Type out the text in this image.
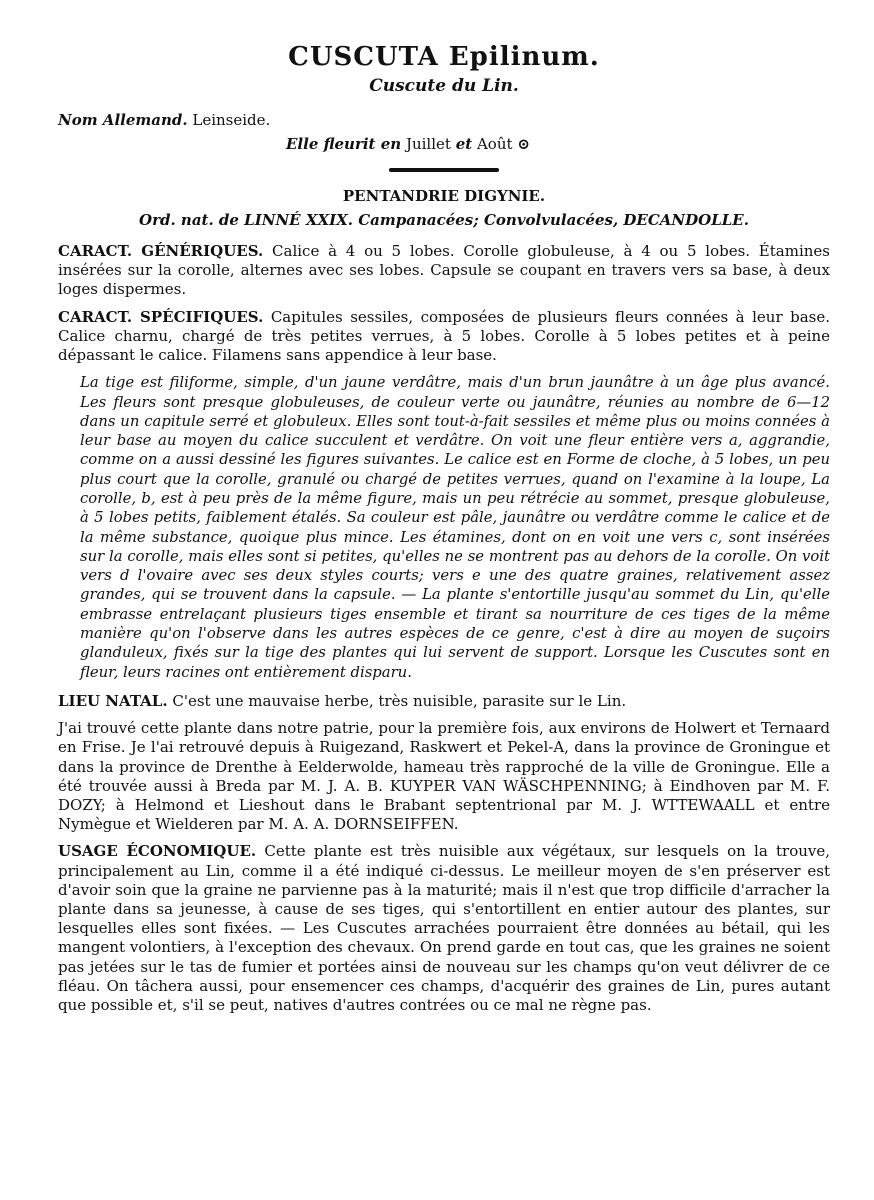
CUSCUTA Epilinum.
Cuscute du Lin.
Nom Allemand. Leinseide.
Elle fleurit en Juillet et Août ⊙
PENTANDRIE DIGYNIE.
Ord. nat. de LINNÉ XXIX. Campanacées; Convolvulacées, DECANDOLLE.

CARACT. GÉNÉRIQUES. Calice à 4 ou 5 lobes. Corolle globuleuse, à 4 ou 5 lobes. Étamines insérées sur la corolle, alternes avec ses lobes. Capsule se coupant en travers vers sa base, à deux loges dispermes.

CARACT. SPÉCIFIQUES. Capitules sessiles, composées de plusieurs fleurs connées à leur base. Calice charnu, chargé de très petites verrues, à 5 lobes. Corolle à 5 lobes petites et à peine dépassant le calice. Filamens sans appendice à leur base.

La tige est filiforme, simple, d'un jaune verdâtre, mais d'un brun jaunâtre à un âge plus avancé. Les fleurs sont presque globuleuses, de couleur verte ou jaunâtre, réunies au nombre de 6—12 dans un capitule serré et globuleux. Elles sont tout-à-fait sessiles et même plus ou moins connées à leur base au moyen du calice succulent et verdâtre. On voit une fleur entière vers a, aggrandie, comme on a aussi dessiné les figures suivantes. Le calice est en Forme de cloche, à 5 lobes, un peu plus court que la corolle, granulé ou chargé de petites verrues, quand on l'examine à la loupe, La corolle, b, est à peu près de la même figure, mais un peu rétrécie au sommet, presque globuleuse, à 5 lobes petits, faiblement étalés. Sa couleur est pâle, jaunâtre ou verdâtre comme le calice et de la même substance, quoique plus mince. Les étamines, dont on en voit une vers c, sont insérées sur la corolle, mais elles sont si petites, qu'elles ne se montrent pas au dehors de la corolle. On voit vers d l'ovaire avec ses deux styles courts; vers e une des quatre graines, relativement assez grandes, qui se trouvent dans la capsule. — La plante s'entortille jusqu'au sommet du Lin, qu'elle embrasse entrelaçant plusieurs tiges ensemble et tirant sa nourriture de ces tiges de la même manière qu'on l'observe dans les autres espèces de ce genre, c'est à dire au moyen de suçoirs glanduleux, fixés sur la tige des plantes qui lui servent de support. Lorsque les Cuscutes sont en fleur, leurs racines ont entièrement disparu.

LIEU NATAL. C'est une mauvaise herbe, très nuisible, parasite sur le Lin.

J'ai trouvé cette plante dans notre patrie, pour la première fois, aux environs de Holwert et Ternaard en Frise. Je l'ai retrouvé depuis à Ruigezand, Raskwert et Pekel-A, dans la province de Groningue et dans la province de Drenthe à Eelderwolde, hameau très rapproché de la ville de Groningue. Elle a été trouvée aussi à Breda par M. J. A. B. KUYPER VAN WÄSCHPENNING; à Eindhoven par M. F. DOZY; à Helmond et Lieshout dans le Brabant septentrional par M. J. WTTEWAALL et entre Nymègue et Wielderen par M. A. A. DORNSEIFFEN.

USAGE ÉCONOMIQUE. Cette plante est très nuisible aux végétaux, sur lesquels on la trouve, principalement au Lin, comme il a été indiqué ci-dessus. Le meilleur moyen de s'en préserver est d'avoir soin que la graine ne parvienne pas à la maturité; mais il n'est que trop difficile d'arracher la plante dans sa jeunesse, à cause de ses tiges, qui s'entortillent en entier autour des plantes, sur lesquelles elles sont fixées. — Les Cuscutes arrachées pourraient être données au bétail, qui les mangent volontiers, à l'exception des chevaux. On prend garde en tout cas, que les graines ne soient pas jetées sur le tas de fumier et portées ainsi de nouveau sur les champs qu'on veut délivrer de ce fléau. On tâchera aussi, pour ensemencer ces champs, d'acquérir des graines de Lin, pures autant que possible et, s'il se peut, natives d'autres contrées ou ce mal ne règne pas.
